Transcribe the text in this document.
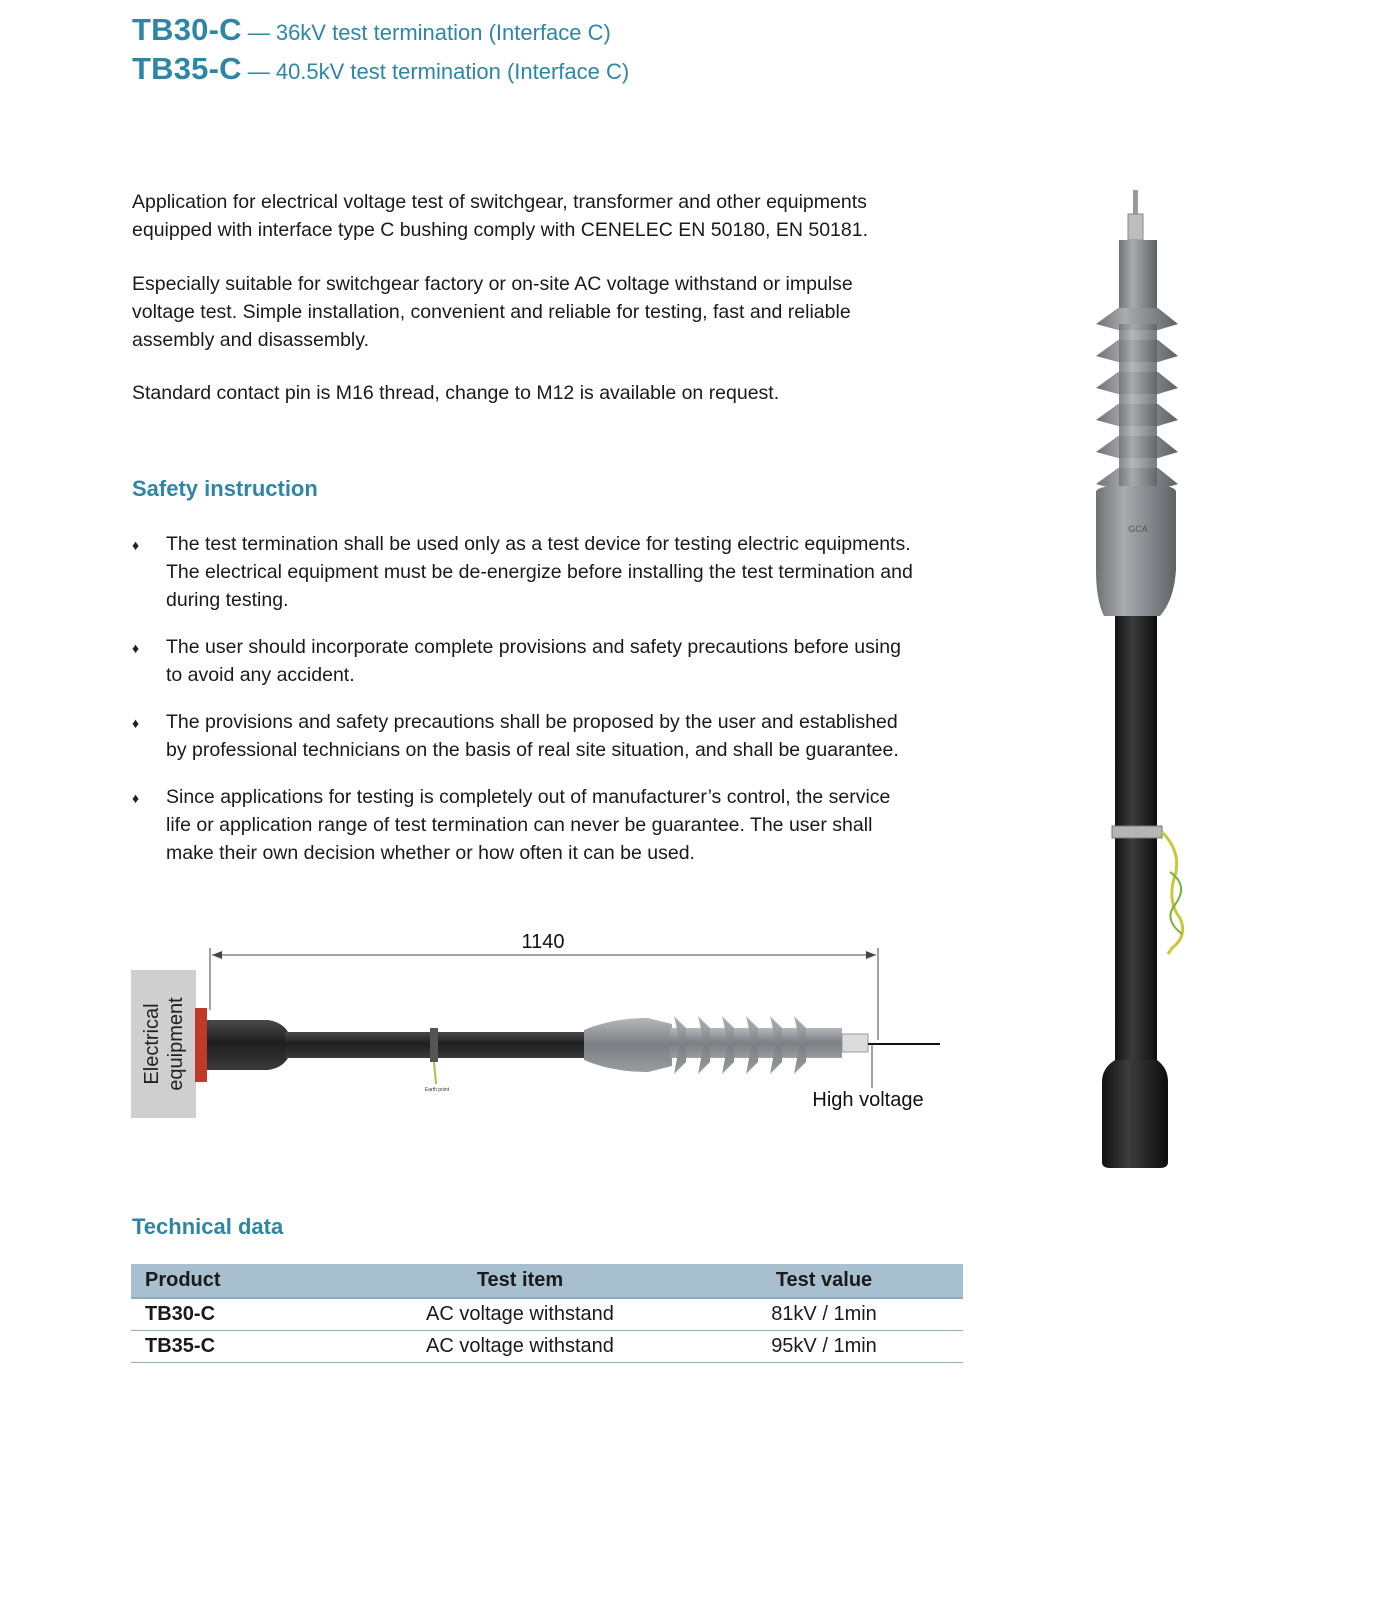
TB30-C — 36kV test termination (Interface C)
TB35-C — 40.5kV test termination (Interface C)

Application for electrical voltage test of switchgear, transformer and other equipments

equipped with interface type C bushing comply with CENELEC EN 50180, EN 50181.

Especially suitable for switchgear factory or on-site AC voltage withstand or impulse

voltage test. Simple installation, convenient and reliable for testing, fast and reliable

assembly and disassembly.

Standard contact pin is M16 thread, change to M12 is available on request.

Safety instruction
♦ The test termination shall be used only as a test device for testing electric equipments.
The electrical equipment must be de-energize before installing the test termination and
during testing.
♦ The user should incorporate complete provisions and safety precautions before using
to avoid any accident.
♦ The provisions and safety precautions shall be proposed by the user and established
by professional technicians on the basis of real site situation, and shall be guarantee.
♦ Since applications for testing is completely out of manufacturer’s control, the service
life or application range of test termination can never be guarantee. The user shall
make their own decision whether or how often it can be used.
Electrical equipment
1140
Earth point	High voltage
GCA
Technical data
Product	Test item	Test value
TB30-C	AC voltage withstand	81kV / 1min
TB35-C	AC voltage withstand	95kV / 1min
